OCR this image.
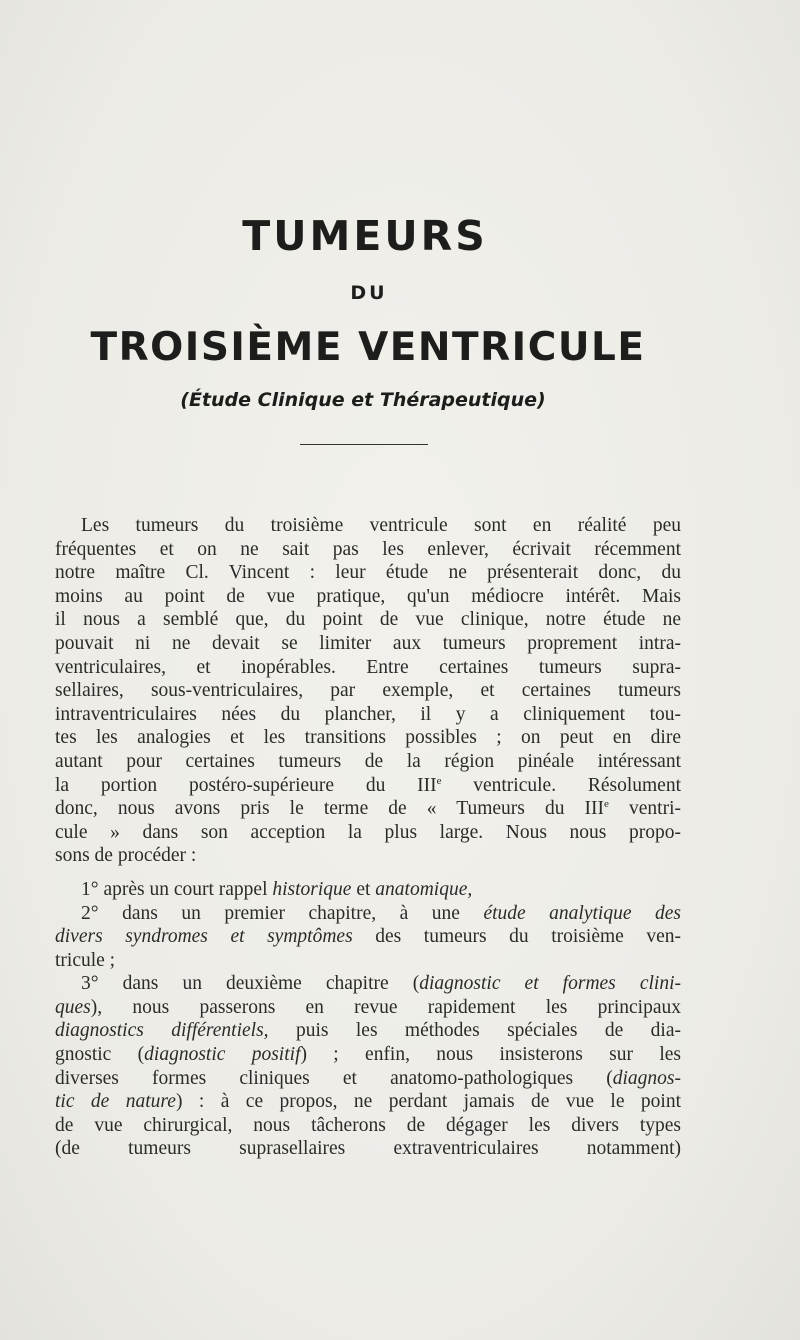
TUMEURS
DU
TROISIÈME VENTRICULE
(Étude Clinique et Thérapeutique)
Les tumeurs du troisième ventricule sont en réalité peu
fréquentes et on ne sait pas les enlever, écrivait récemment
notre maître Cl. Vincent : leur étude ne présenterait donc, du
moins au point de vue pratique, qu'un médiocre intérêt. Mais
il nous a semblé que, du point de vue clinique, notre étude ne
pouvait ni ne devait se limiter aux tumeurs proprement intra-
ventriculaires, et inopérables. Entre certaines tumeurs supra-
sellaires, sous-ventriculaires, par exemple, et certaines tumeurs
intraventriculaires nées du plancher, il y a cliniquement tou-
tes les analogies et les transitions possibles ; on peut en dire
autant pour certaines tumeurs de la région pinéale intéressant
la portion postéro-supérieure du IIIe ventricule. Résolument
donc, nous avons pris le terme de « Tumeurs du IIIe ventri-
cule » dans son acception la plus large. Nous nous propo-
sons de procéder :
1° après un court rappel historique et anatomique,
2° dans un premier chapitre, à une étude analytique des
divers syndromes et symptômes des tumeurs du troisième ven-
tricule ;
3° dans un deuxième chapitre (diagnostic et formes clini-
ques), nous passerons en revue rapidement les principaux
diagnostics différentiels, puis les méthodes spéciales de dia-
gnostic (diagnostic positif) ; enfin, nous insisterons sur les
diverses formes cliniques et anatomo-pathologiques (diagnos-
tic de nature) : à ce propos, ne perdant jamais de vue le point
de vue chirurgical, nous tâcherons de dégager les divers types
(de tumeurs suprasellaires extraventriculaires notamment)
